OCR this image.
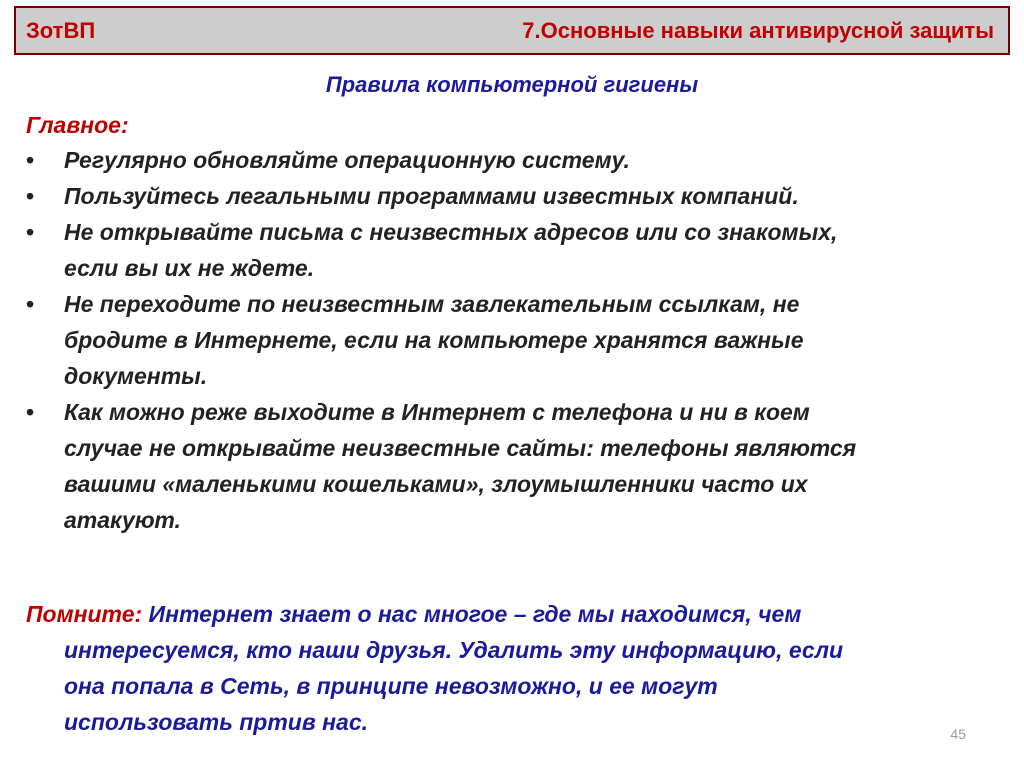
ЗотВП	7.Основные навыки антивирусной защиты
Правила компьютерной гигиены
Главное:
• Регулярно обновляйте операционную систему.
• Пользуйтесь легальными программами известных компаний.
• Не открывайте письма с неизвестных адресов или со знакомых,
если вы их не ждете.
• Не переходите по неизвестным завлекательным ссылкам, не
бродите в Интернете, если на компьютере хранятся важные
документы.
• Как можно реже выходите в Интернет с телефона и ни в коем
случае не открывайте неизвестные сайты: телефоны являются
вашими «маленькими кошельками», злоумышленники часто их
атакуют.
Помните: Интернет знает о нас многое – где мы находимся, чем
интересуемся, кто наши друзья. Удалить эту информацию, если
она попала в Сеть, в принципе невозможно, и ее могут
использовать пртив нас.	45
